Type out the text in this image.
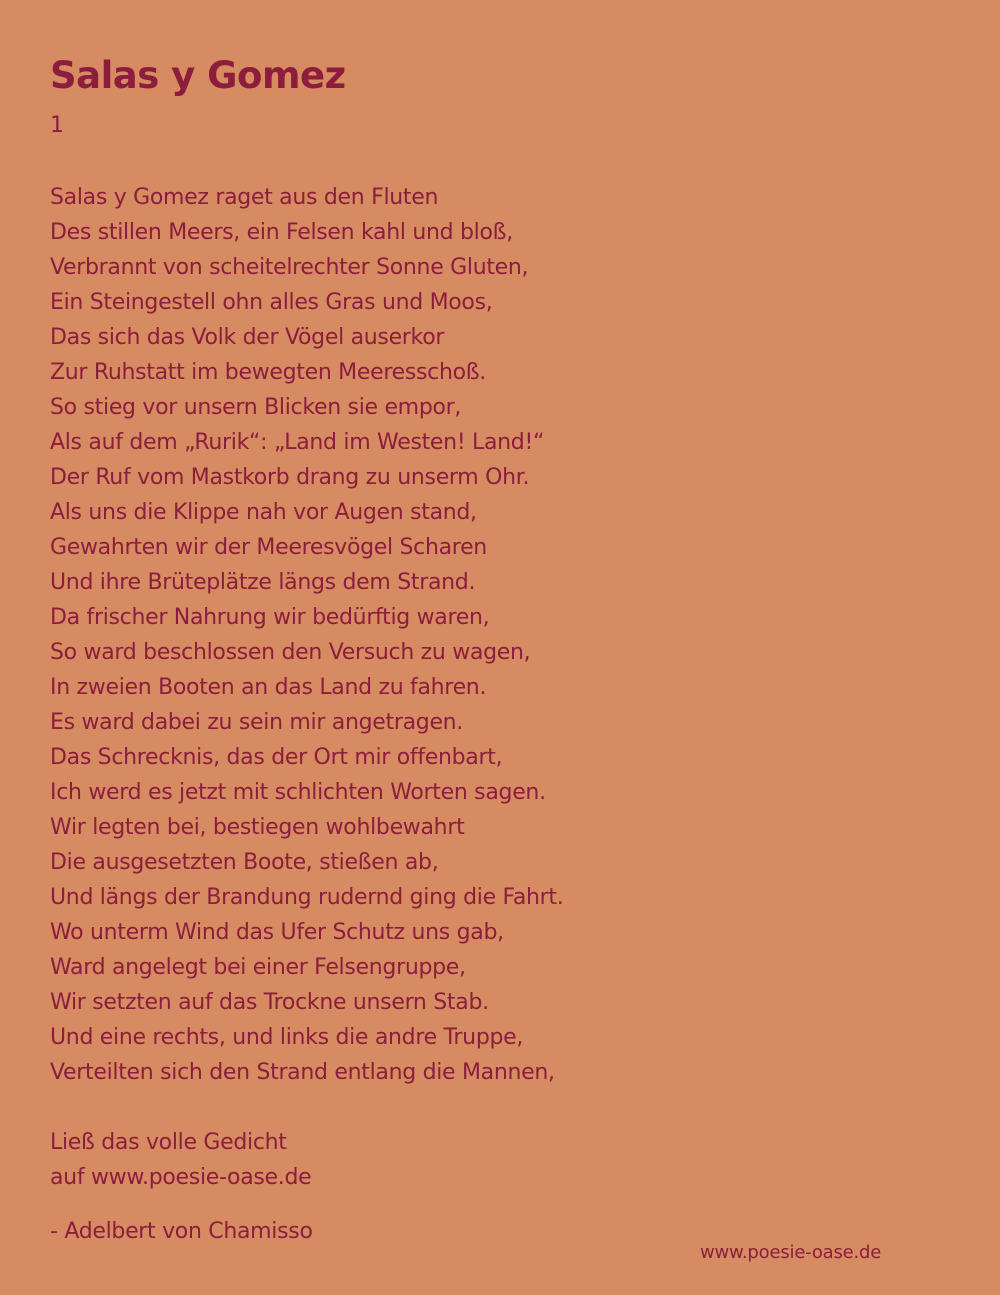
Salas y Gomez
1
Salas y Gomez raget aus den Fluten
Des stillen Meers, ein Felsen kahl und bloß,
Verbrannt von scheitelrechter Sonne Gluten,
Ein Steingestell ohn alles Gras und Moos,
Das sich das Volk der Vögel auserkor
Zur Ruhstatt im bewegten Meeresschoß.
So stieg vor unsern Blicken sie empor,
Als auf dem „Rurik“: „Land im Westen! Land!“
Der Ruf vom Mastkorb drang zu unserm Ohr.
Als uns die Klippe nah vor Augen stand,
Gewahrten wir der Meeresvögel Scharen
Und ihre Brüteplätze längs dem Strand.
Da frischer Nahrung wir bedürftig waren,
So ward beschlossen den Versuch zu wagen,
In zweien Booten an das Land zu fahren.
Es ward dabei zu sein mir angetragen.
Das Schrecknis, das der Ort mir offenbart,
Ich werd es jetzt mit schlichten Worten sagen.
Wir legten bei, bestiegen wohlbewahrt
Die ausgesetzten Boote, stießen ab,
Und längs der Brandung rudernd ging die Fahrt.
Wo unterm Wind das Ufer Schutz uns gab,
Ward angelegt bei einer Felsengruppe,
Wir setzten auf das Trockne unsern Stab.
Und eine rechts, und links die andre Truppe,
Verteilten sich den Strand entlang die Mannen,
Ließ das volle Gedicht
auf www.poesie-oase.de
- Adelbert von Chamisso
www.poesie-oase.de
